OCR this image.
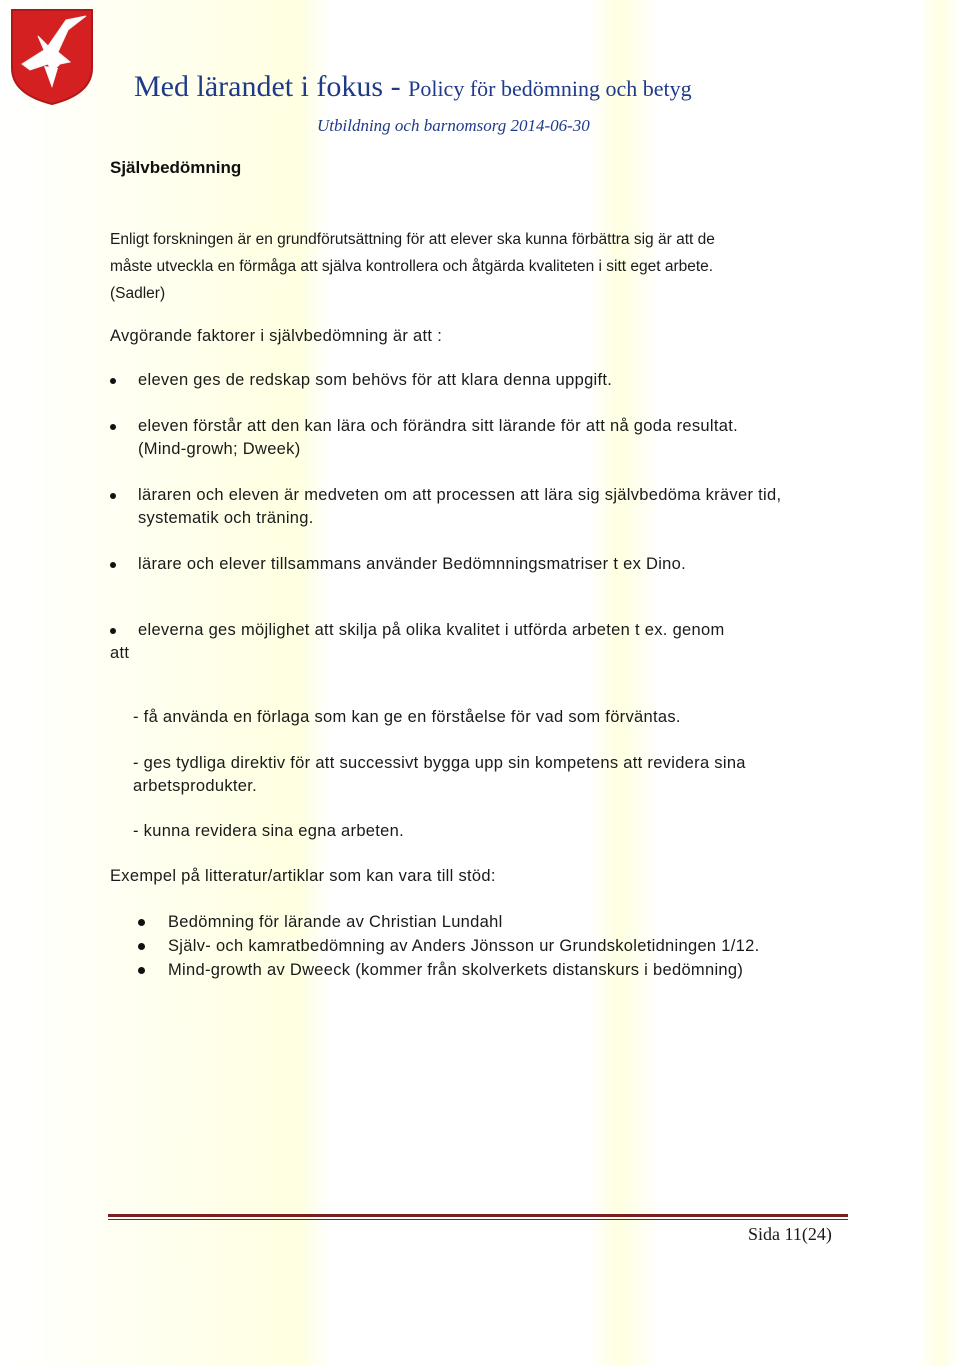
Med lärandet i fokus - Policy för bedömning och betyg
Utbildning och barnomsorg 2014-06-30
Självbedömning
Enligt forskningen är en grundförutsättning för att elever ska kunna förbättra sig är att de
måste utveckla en förmåga att själva kontrollera och åtgärda kvaliteten i sitt eget arbete.
(Sadler)
Avgörande faktorer i självbedömning är att :
eleven ges de redskap som behövs för att klara denna uppgift.
eleven förstår att den kan lära och förändra sitt lärande för att nå goda resultat. (Mind-growh; Dweek)
läraren och eleven är medveten om att processen att lära sig självbedöma kräver tid, systematik och träning.
lärare och elever tillsammans använder Bedömnningsmatriser t ex Dino.
eleverna ges möjlighet att skilja på olika kvalitet i utförda arbeten t ex. genom
att
- få använda en förlaga som kan ge en förståelse för vad som förväntas.
- ges tydliga direktiv för att successivt bygga upp sin kompetens att revidera sina arbetsprodukter.
- kunna revidera sina egna arbeten.
Exempel på litteratur/artiklar som kan vara till stöd:
Bedömning för lärande av Christian Lundahl
Själv- och kamratbedömning av Anders Jönsson ur Grundskoletidningen 1/12.
Mind-growth av Dweeck (kommer från skolverkets distanskurs i bedömning)
Sida 11(24)
